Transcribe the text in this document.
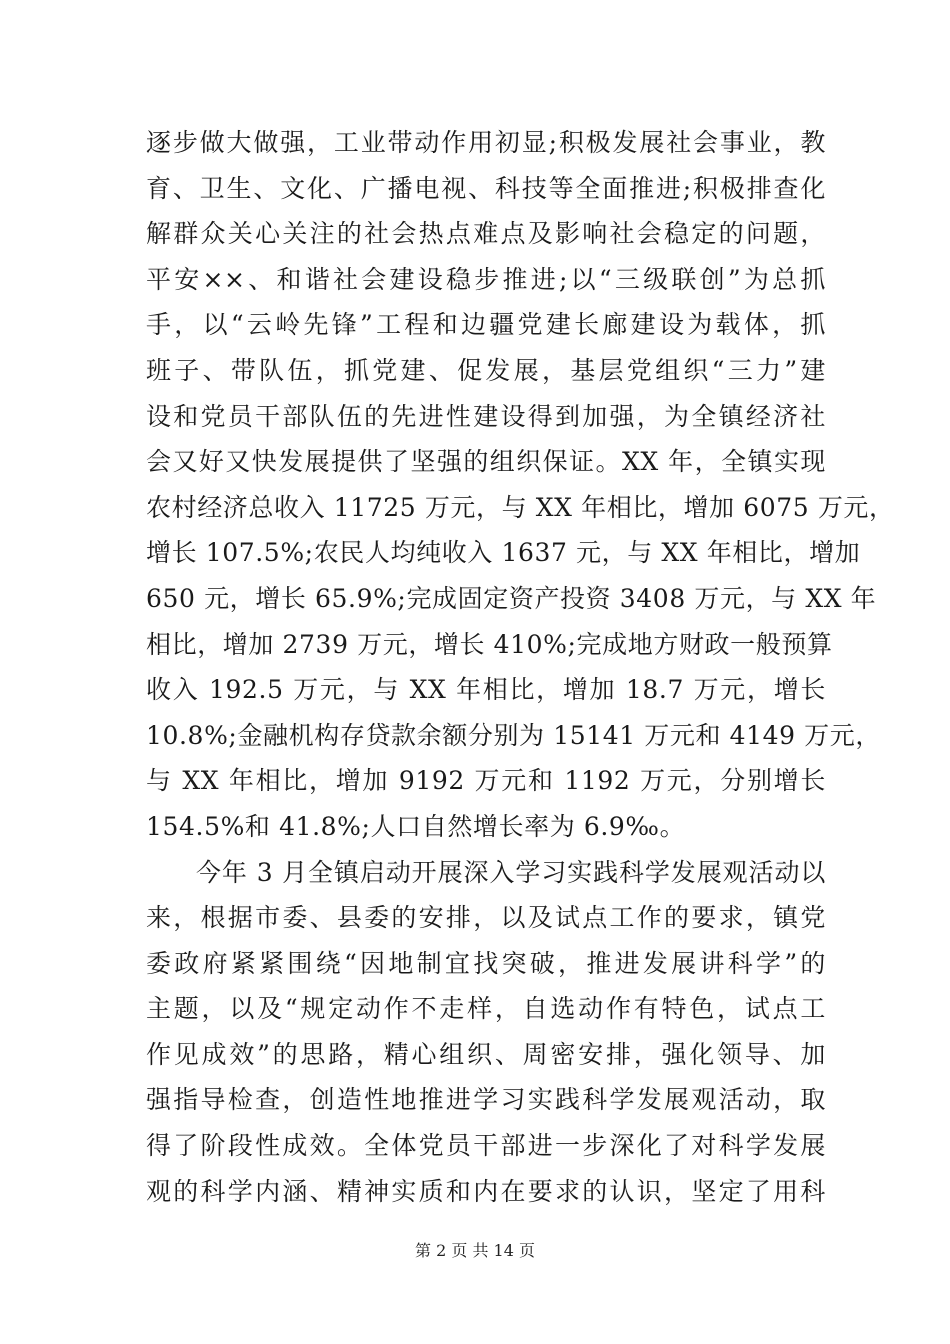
逐步做大做强，工业带动作用初显;积极发展社会事业，教
育、卫生、文化、广播电视、科技等全面推进;积极排查化
解群众关心关注的社会热点难点及影响社会稳定的问题，
平安××、和谐社会建设稳步推进;以“三级联创”为总抓
手，以“云岭先锋”工程和边疆党建长廊建设为载体，抓
班子、带队伍，抓党建、促发展，基层党组织“三力”建
设和党员干部队伍的先进性建设得到加强，为全镇经济社
会又好又快发展提供了坚强的组织保证。XX 年，全镇实现
农村经济总收入 11725 万元，与 XX 年相比，增加 6075 万元，
增长 107.5%;农民人均纯收入 1637 元，与 XX 年相比，增加
650 元，增长 65.9%;完成固定资产投资 3408 万元，与 XX 年
相比，增加 2739 万元，增长 410%;完成地方财政一般预算
收入 192.5 万元，与 XX 年相比，增加 18.7 万元，增长
10.8%;金融机构存贷款余额分别为 15141 万元和 4149 万元，
与 XX 年相比，增加 9192 万元和 1192 万元，分别增长
154.5%和 41.8%;人口自然增长率为 6.9‰。
今年 3 月全镇启动开展深入学习实践科学发展观活动以
来，根据市委、县委的安排，以及试点工作的要求，镇党
委政府紧紧围绕“因地制宜找突破，推进发展讲科学”的
主题，以及“规定动作不走样，自选动作有特色，试点工
作见成效”的思路，精心组织、周密安排，强化领导、加
强指导检查，创造性地推进学习实践科学发展观活动，取
得了阶段性成效。全体党员干部进一步深化了对科学发展
观的科学内涵、精神实质和内在要求的认识，坚定了用科
第 2 页 共 14 页
